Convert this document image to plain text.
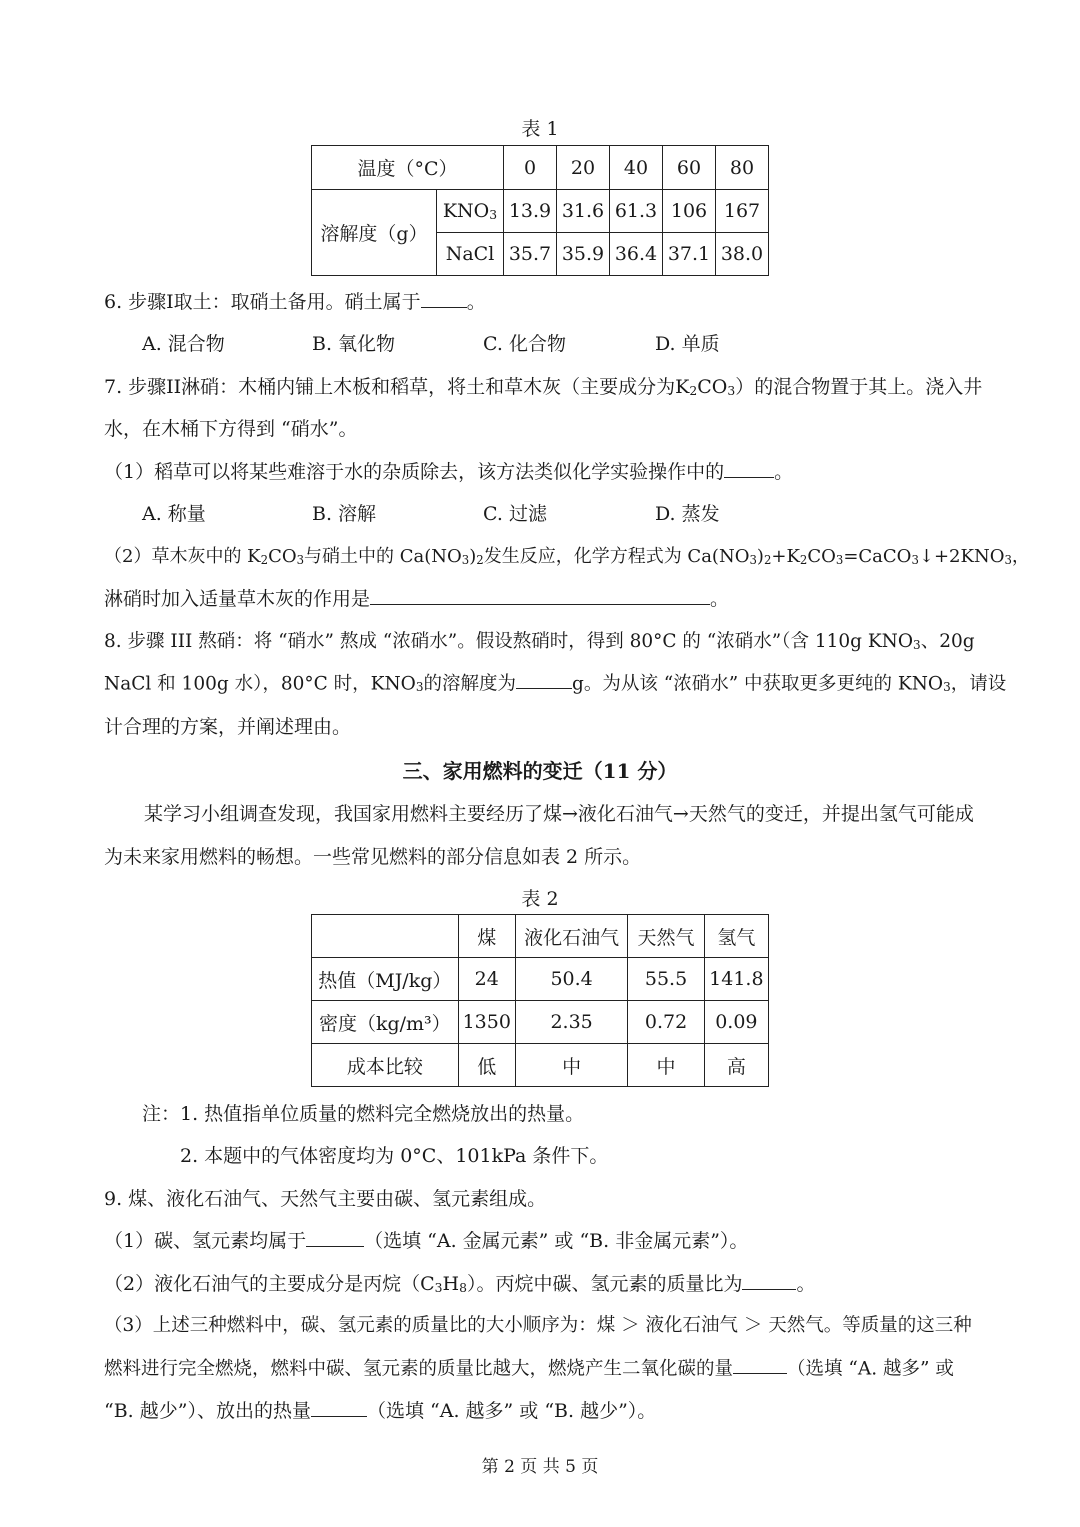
表 1
温度（°C）		0	20	40	60	80
溶解度（g）	$KNO_3$	13.9	31.6	61.3	106	167
	NaCl	35.7	35.9	36.4	37.1	38.0
6. 步骤I取土：取硝土备用。硝土属于 。
A. 混合物	B. 氧化物	C. 化合物	D. 单质
7. 步骤II淋硝：木桶内铺上木板和稻草，将土和草木灰（主要成分为$K_2CO_3$）的混合物置于其上。浇入井
水，在木桶下方得到 “硝水”。
（1）稻草可以将某些难溶于水的杂质除去，该方法类似化学实验操作中的	。
A. 称量	B. 溶解	C. 过滤	D. 蒸发
（2）草木灰中的 $K_2CO_3$与硝土中的 $Ca(NO_3)_2$发生反应，化学方程式为 $Ca(NO_3)_2+K_2CO_3=CaCO_3↓+2KNO_3$，
淋硝时加入适量草木灰的作用是	。
8. 步骤 III 熬硝：将 “硝水” 熬成 “浓硝水”。假设熬硝时，得到 80°C 的 “浓硝水”（含 110g $KNO_3$、20g
NaCl 和 100g 水），80°C 时，$KNO_3$的溶解度为	g。为从该 “浓硝水” 中获取更多更纯的 $KNO_3$，请设
计合理的方案，并阐述理由。
三、家用燃料的变迁（11 分）
某学习小组调查发现，我国家用燃料主要经历了煤→液化石油气→天然气的变迁，并提出氢气可能成
为未来家用燃料的畅想。一些常见燃料的部分信息如表 2 所示。
表 2
	煤	液化石油气	天然气	氢气
热值（MJ/kg）	24	50.4	55.5	141.8
密度（kg/m³）	1350	2.35	0.72	0.09
成本比较	低	中	中	高
注：1. 热值指单位质量的燃料完全燃烧放出的热量。
2. 本题中的气体密度均为 0°C、101kPa 条件下。
9. 煤、液化石油气、天然气主要由碳、氢元素组成。
（1）碳、氢元素均属于	（选填 “A. 金属元素” 或 “B. 非金属元素”）。
（2）液化石油气的主要成分是丙烷$(C_3H_8)$。丙烷中碳、氢元素的质量比为	。
（3）上述三种燃料中，碳、氢元素的质量比的大小顺序为：煤 ＞ 液化石油气 ＞ 天然气。等质量的这三种
燃料进行完全燃烧，燃料中碳、氢元素的质量比越大，燃烧产生二氧化碳的量	（选填 “A. 越多” 或
“B. 越少”）、放出的热量	（选填 “A. 越多” 或 “B. 越少”）。
第 2 页 共 5 页
